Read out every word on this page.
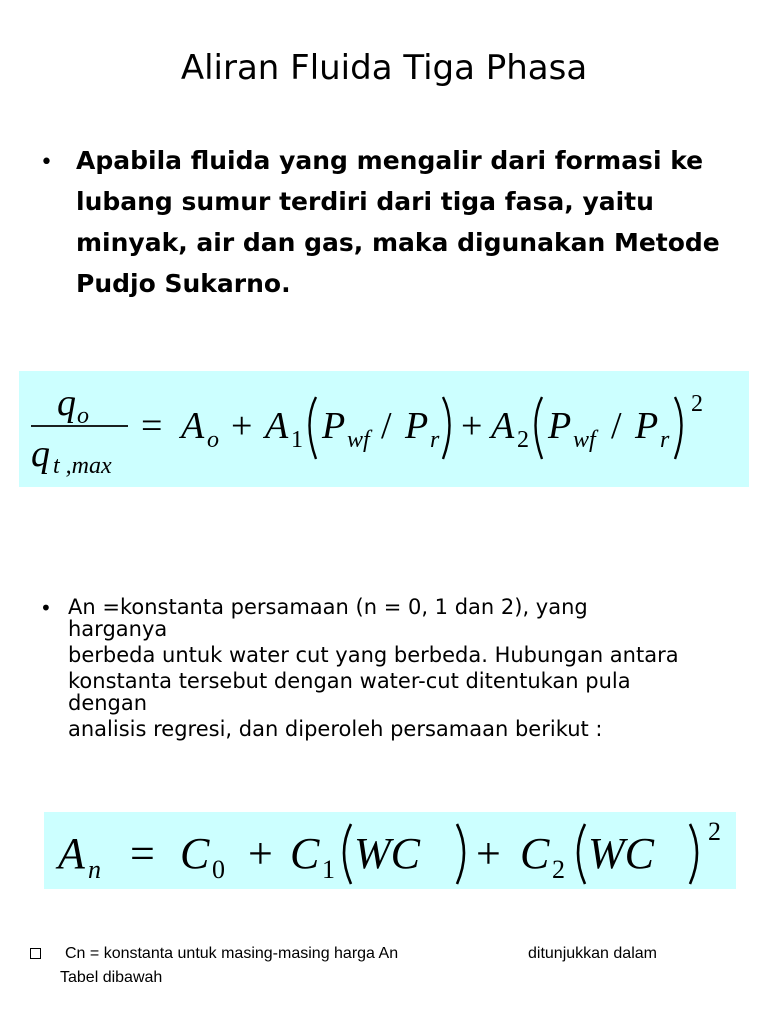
Aliran Fluida Tiga Phasa
• Apabila fluida yang mengalir dari formasi ke lubang sumur terdiri dari tiga fasa, yaitu minyak, air dan gas, maka digunakan Metode Pudjo Sukarno.
q o
q t ,max
= A o + A 1 P wf / P r + A 2 P wf / P r
2
• An =konstanta persamaan (n = 0, 1 dan 2), yang
harganya
berbeda untuk water cut yang berbeda. Hubungan antara
konstanta tersebut dengan water-cut ditentukan pula
dengan
analisis regresi, dan diperoleh persamaan berikut :
A n = C 0 + C 1 WC + C 2 WC 2
Cn = konstanta untuk masing-masing harga An	ditunjukkan dalam
Tabel dibawah
